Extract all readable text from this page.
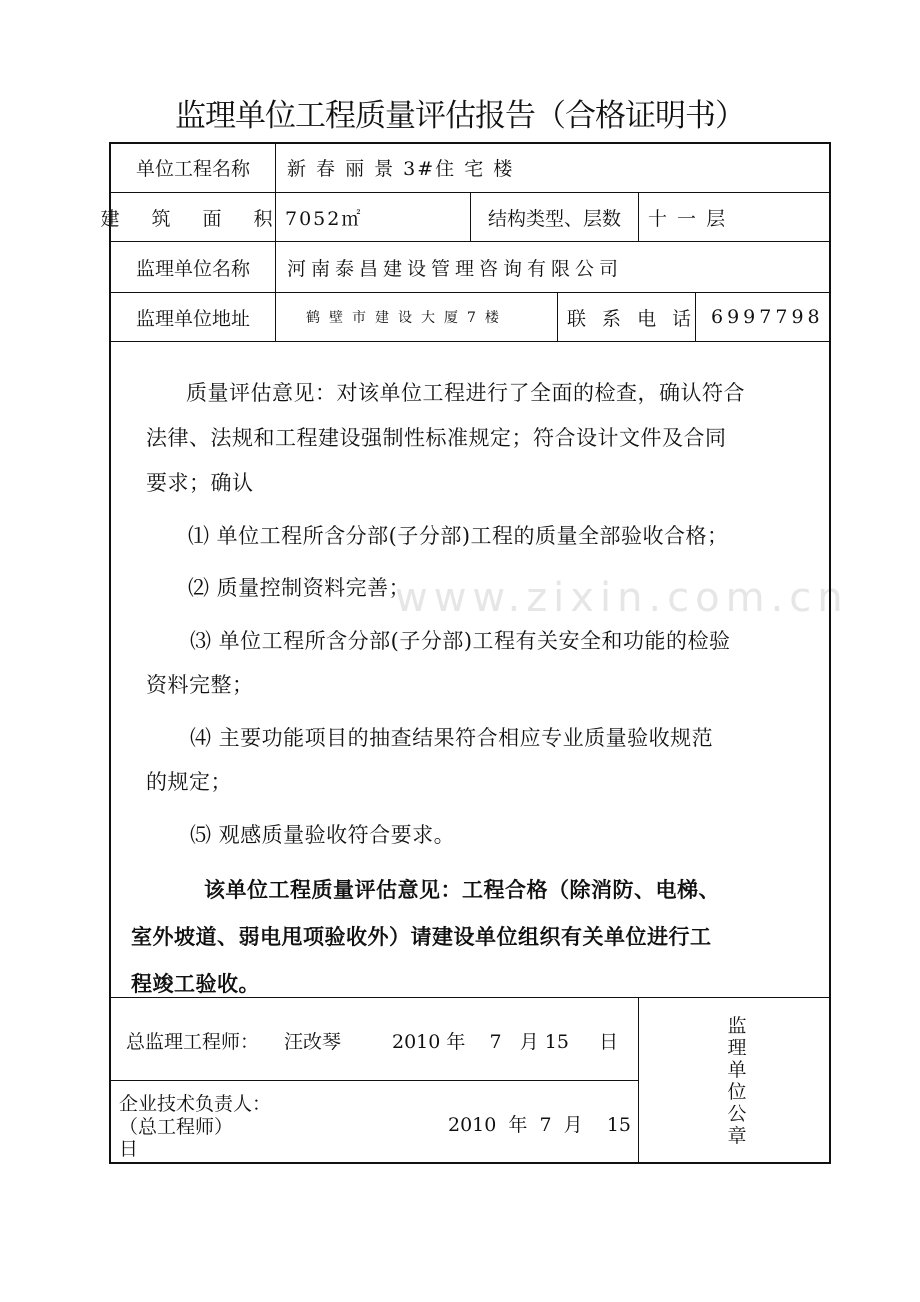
www.zixin.com.cn
监理单位工程质量评估报告（合格证明书）
单位工程名称	新 春 丽 景 3#住 宅 楼
建 筑 面 积 7052㎡	结构类型、层数	十 一 层
监理单位名称	河南泰昌建设管理咨询有限公司
监理单位地址	鹤壁市建设大厦7楼	联 系 电 话 6997798
质量评估意见：对该单位工程进行了全面的检查，确认符合
法律、法规和工程建设强制性标准规定；符合设计文件及合同
要求；确认
⑴ 单位工程所含分部(子分部)工程的质量全部验收合格；
⑵ 质量控制资料完善；
⑶ 单位工程所含分部(子分部)工程有关安全和功能的检验
资料完整；
⑷ 主要功能项目的抽查结果符合相应专业质量验收规范
的规定；
⑸ 观感质量验收符合要求。
该单位工程质量评估意见：工程合格（除消防、电梯、
室外坡道、弱电甩项验收外）请建设单位组织有关单位进行工
程竣工验收。
总监理工程师： 汪改琴	2010 年    7   月 15     日
企业技术负责人：
（总工程师）	2010  年  7  月    15
日
监理单位公章
